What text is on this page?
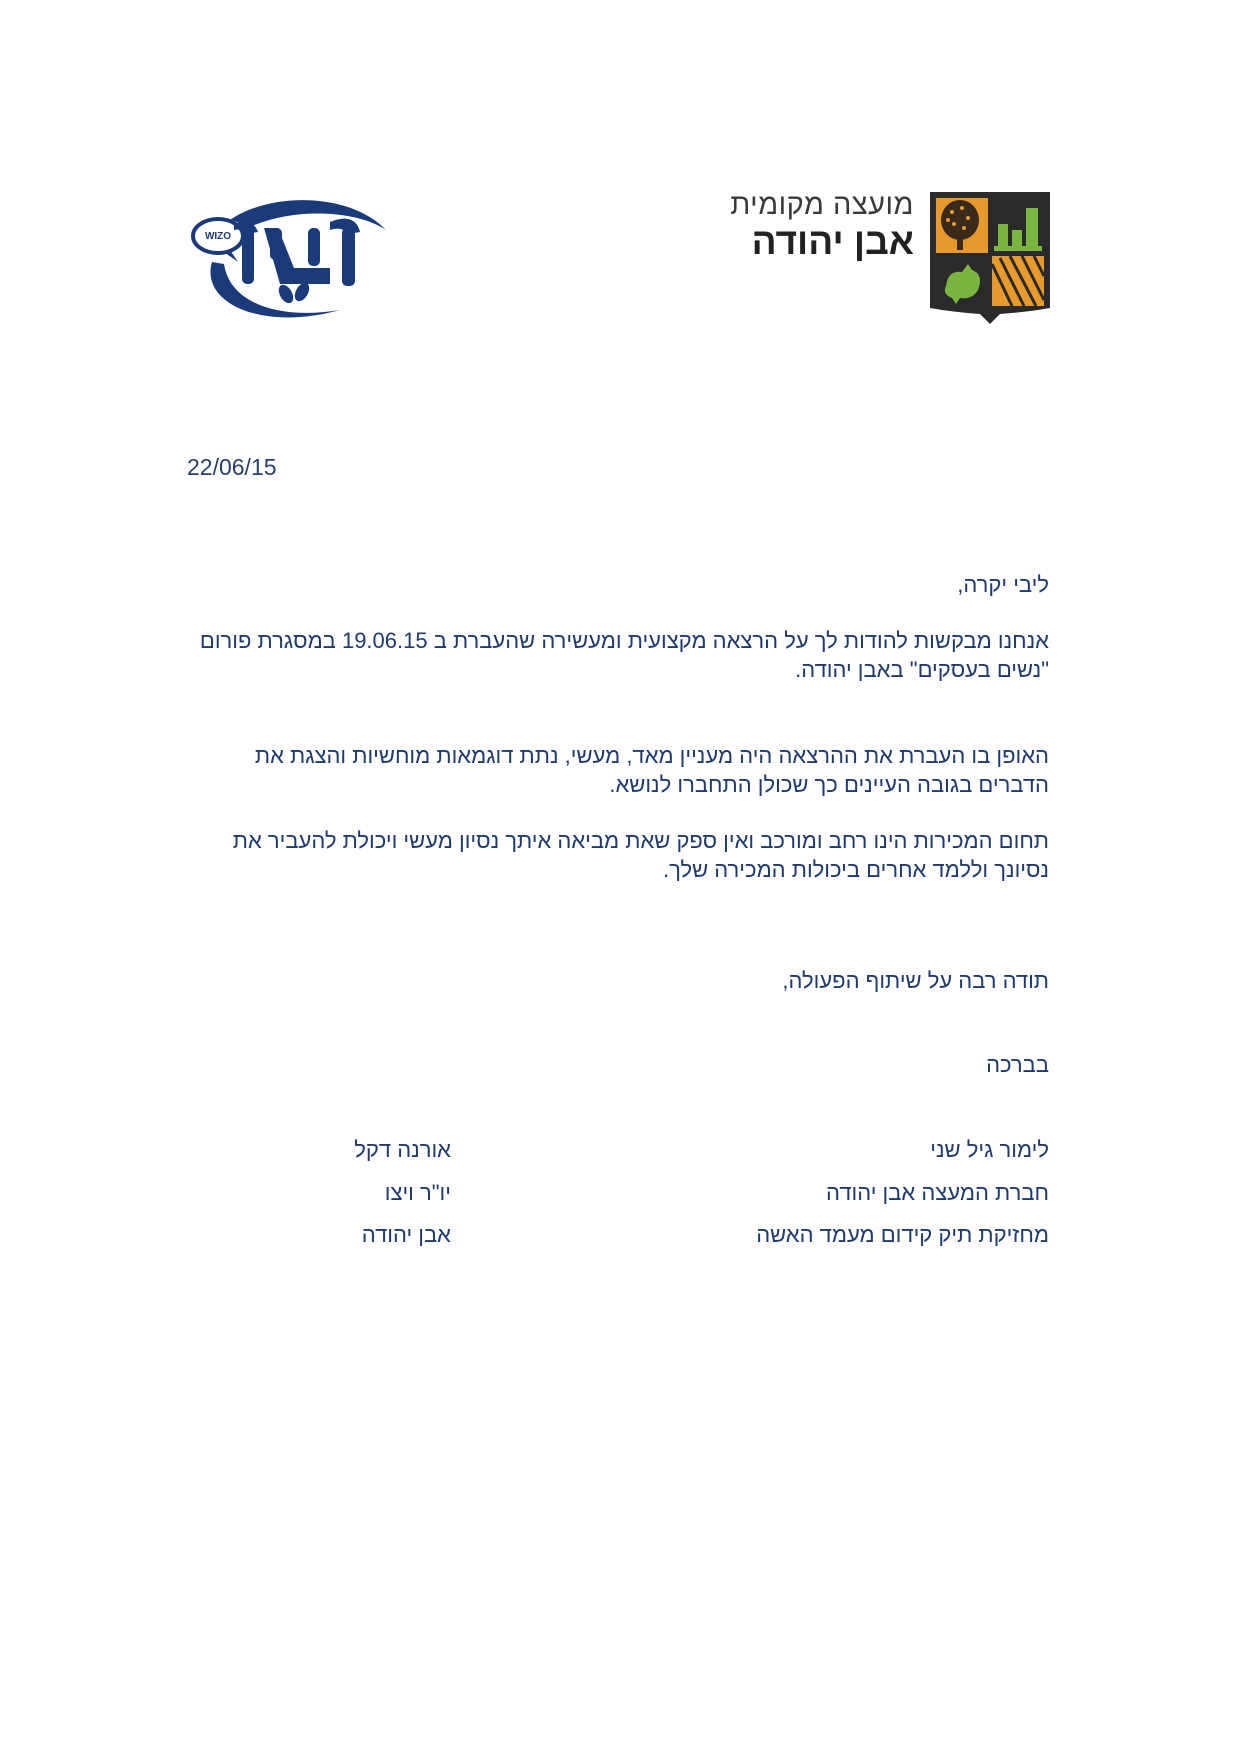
WIZO
מועצה מקומית
אבן יהודה
22/06/15
ליבי יקרה,
אנחנו מבקשות להודות לך על הרצאה מקצועית ומעשירה שהעברת ב 19.06.15 במסגרת פורום "נשים בעסקים" באבן יהודה.
האופן בו העברת את ההרצאה היה מעניין מאד, מעשי, נתת דוגמאות מוחשיות והצגת את הדברים בגובה העיינים כך שכולן התחברו לנושא.
תחום המכירות הינו רחב ומורכב ואין ספק שאת מביאה איתך נסיון מעשי ויכולת להעביר את נסיונך וללמד אחרים ביכולות המכירה שלך.
תודה רבה על שיתוף הפעולה,
בברכה
לימור גיל שני
חברת המעצה אבן יהודה
מחזיקת תיק קידום מעמד האשה
אורנה דקל
יו"ר ויצו
אבן יהודה
